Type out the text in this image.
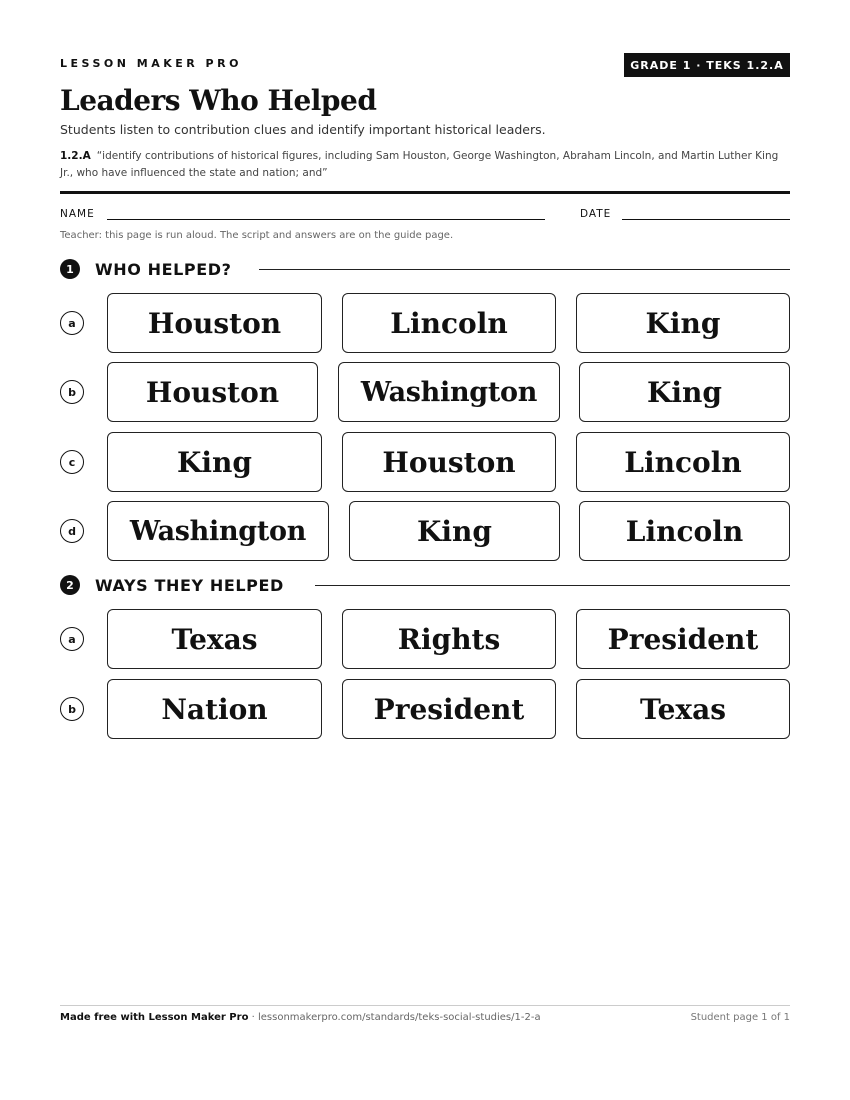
LESSON MAKER PRO	GRADE 1 · TEKS 1.2.A
Leaders Who Helped
Students listen to contribution clues and identify important historical leaders.
1.2.A “identify contributions of historical figures, including Sam Houston, George Washington, Abraham Lincoln, and Martin Luther King Jr., who have influenced the state and nation; and”
NAME	DATE
Teacher: this page is run aloud. The script and answers are on the guide page.
1	WHO HELPED?
a	Houston	Lincoln	King
b	Houston	Washington	King
c	King	Houston	Lincoln
d	Washington	King	Lincoln
2	WAYS THEY HELPED
a	Texas	Rights	President
b	Nation	President	Texas
Made free with Lesson Maker Pro · lessonmakerpro.com/standards/teks-social-studies/1-2-a	Student page 1 of 1
